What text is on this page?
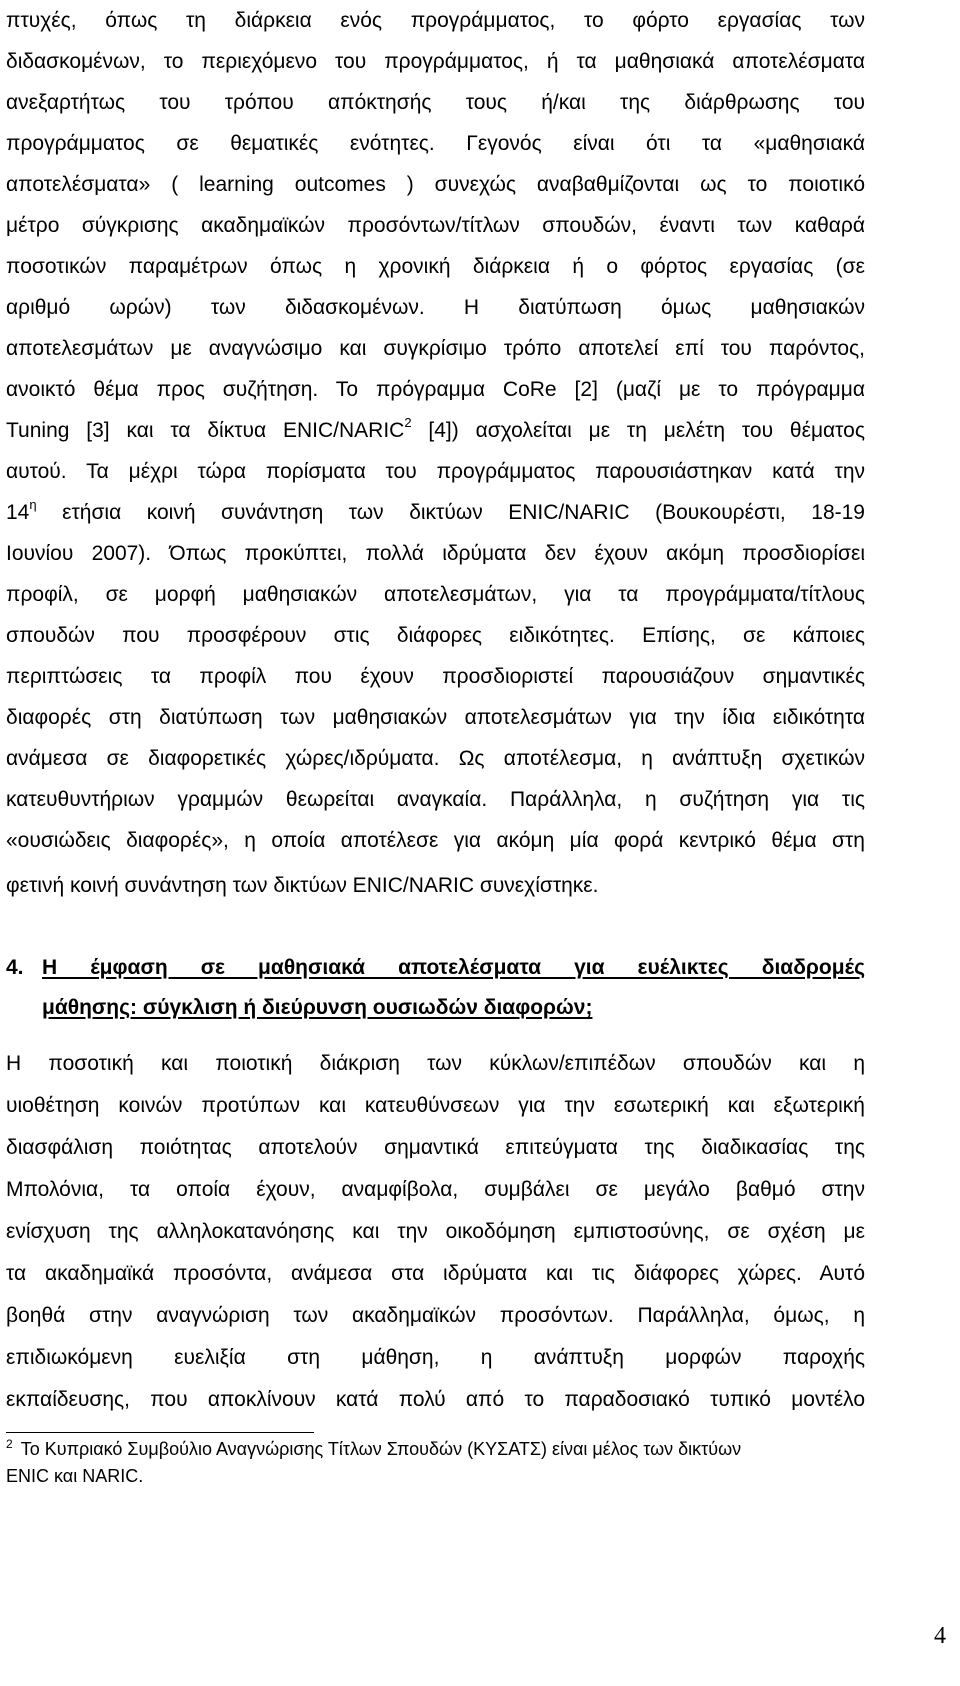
πτυχές, όπως τη διάρκεια ενός προγράμματος, το φόρτο εργασίας των
διδασκομένων, το περιεχόμενο του προγράμματος, ή τα μαθησιακά αποτελέσματα
ανεξαρτήτως του τρόπου απόκτησής τους ή/και της διάρθρωσης του
προγράμματος σε θεματικές ενότητες. Γεγονός είναι ότι τα «μαθησιακά
αποτελέσματα» ( learning outcomes ) συνεχώς αναβαθμίζονται ως το ποιοτικό
μέτρο σύγκρισης ακαδημαϊκών προσόντων/τίτλων σπουδών, έναντι των καθαρά
ποσοτικών παραμέτρων όπως η χρονική διάρκεια ή ο φόρτος εργασίας (σε
αριθμό ωρών) των διδασκομένων. Η διατύπωση όμως μαθησιακών
αποτελεσμάτων με αναγνώσιμο και συγκρίσιμο τρόπο αποτελεί επί του παρόντος,
ανοικτό θέμα προς συζήτηση. Το πρόγραμμα CoRe [2] (μαζί με το πρόγραμμα
Tuning [3] και τα δίκτυα ENIC/NARIC$^2$ [4]) ασχολείται με τη μελέτη του θέματος
αυτού. Τα μέχρι τώρα πορίσματα του προγράμματος παρουσιάστηκαν κατά την
$14^\eta$ ετήσια κοινή συνάντηση των δικτύων ENIC/NARIC (Βουκουρέστι, 18-19
Ιουνίου 2007). Όπως προκύπτει, πολλά ιδρύματα δεν έχουν ακόμη προσδιορίσει
προφίλ, σε μορφή μαθησιακών αποτελεσμάτων, για τα προγράμματα/τίτλους
σπουδών που προσφέρουν στις διάφορες ειδικότητες. Επίσης, σε κάποιες
περιπτώσεις τα προφίλ που έχουν προσδιοριστεί παρουσιάζουν σημαντικές
διαφορές στη διατύπωση των μαθησιακών αποτελεσμάτων για την ίδια ειδικότητα
ανάμεσα σε διαφορετικές χώρες/ιδρύματα. Ως αποτέλεσμα, η ανάπτυξη σχετικών
κατευθυντήριων γραμμών θεωρείται αναγκαία. Παράλληλα, η συζήτηση για τις
«ουσιώδεις διαφορές», η οποία αποτέλεσε για ακόμη μία φορά κεντρικό θέμα στη
φετινή κοινή συνάντηση των δικτύων ENIC/NARIC συνεχίστηκε.
4. Η έμφαση σε μαθησιακά αποτελέσματα για ευέλικτες διαδρομές
μάθησης: σύγκλιση ή διεύρυνση ουσιωδών διαφορών;
Η ποσοτική και ποιοτική διάκριση των κύκλων/επιπέδων σπουδών και η
υιοθέτηση κοινών προτύπων και κατευθύνσεων για την εσωτερική και εξωτερική
διασφάλιση ποιότητας αποτελούν σημαντικά επιτεύγματα της διαδικασίας της
Μπολόνια, τα οποία έχουν, αναμφίβολα, συμβάλει σε μεγάλο βαθμό στην
ενίσχυση της αλληλοκατανόησης και την οικοδόμηση εμπιστοσύνης, σε σχέση με
τα ακαδημαϊκά προσόντα, ανάμεσα στα ιδρύματα και τις διάφορες χώρες. Αυτό
βοηθά στην αναγνώριση των ακαδημαϊκών προσόντων. Παράλληλα, όμως, η
επιδιωκόμενη ευελιξία στη μάθηση, η ανάπτυξη μορφών παροχής
εκπαίδευσης, που αποκλίνουν κατά πολύ από το παραδοσιακό τυπικό μοντέλο
$^2$ Το Κυπριακό Συμβούλιο Αναγνώρισης Τίτλων Σπουδών (ΚΥΣΑΤΣ) είναι μέλος των δικτύων
ENIC και NARIC.
4
